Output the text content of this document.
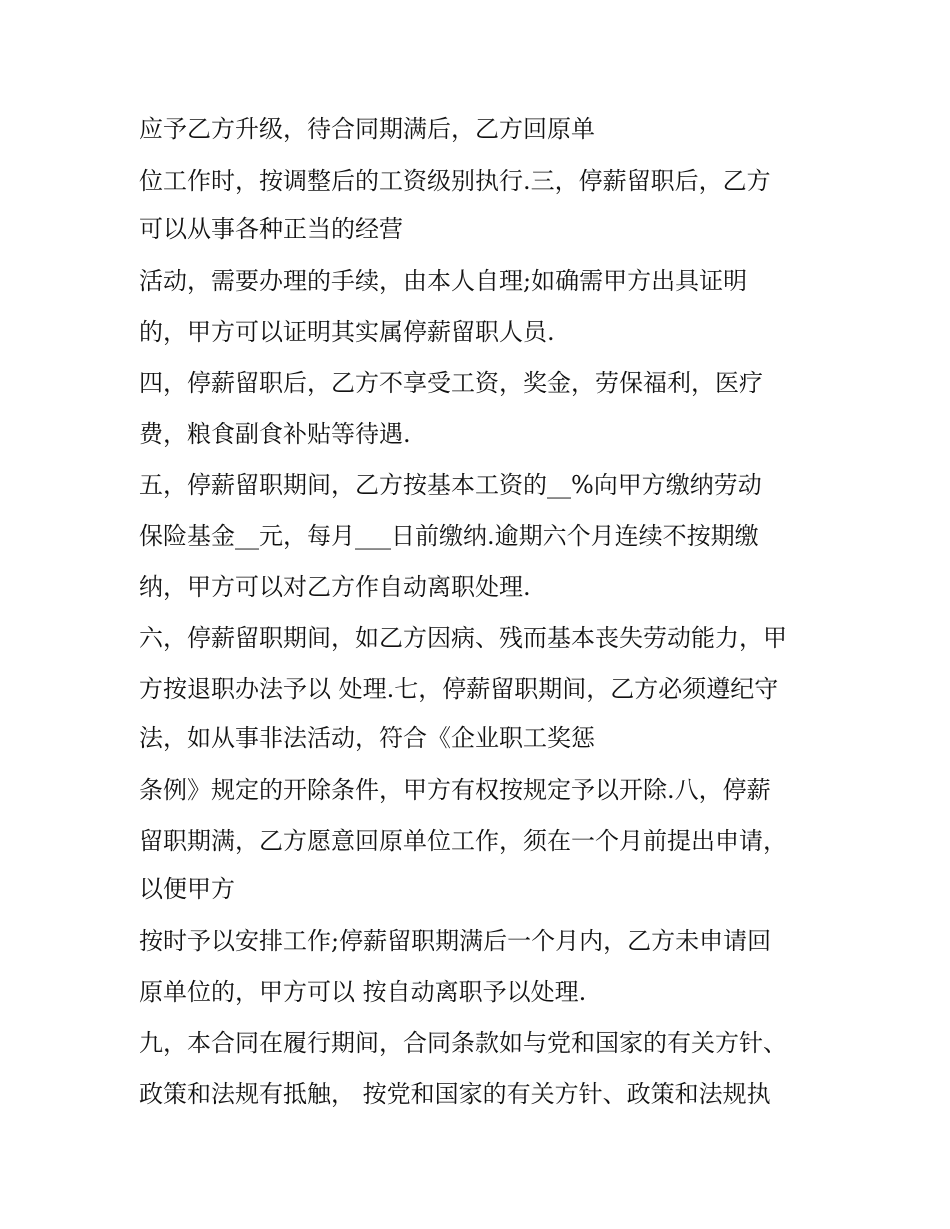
应予乙方升级，待合同期满后，乙方回原单
位工作时，按调整后的工资级别执行.三，停薪留职后，乙方
可以从事各种正当的经营
活动，需要办理的手续，由本人自理;如确需甲方出具证明
的，甲方可以证明其实属停薪留职人员.
四，停薪留职后，乙方不享受工资，奖金，劳保福利，医疗
费，粮食副食补贴等待遇.
五，停薪留职期间，乙方按基本工资的__%向甲方缴纳劳动
保险基金__元，每月___日前缴纳.逾期六个月连续不按期缴
纳，甲方可以对乙方作自动离职处理.
六，停薪留职期间，如乙方因病、残而基本丧失劳动能力，甲
方按退职办法予以 处理.七，停薪留职期间，乙方必须遵纪守
法，如从事非法活动，符合《企业职工奖惩
条例》规定的开除条件，甲方有权按规定予以开除.八，停薪
留职期满，乙方愿意回原单位工作，须在一个月前提出申请，
以便甲方
按时予以安排工作;停薪留职期满后一个月内，乙方未申请回
原单位的，甲方可以 按自动离职予以处理.
九，本合同在履行期间，合同条款如与党和国家的有关方针、
政策和法规有抵触， 按党和国家的有关方针、政策和法规执
